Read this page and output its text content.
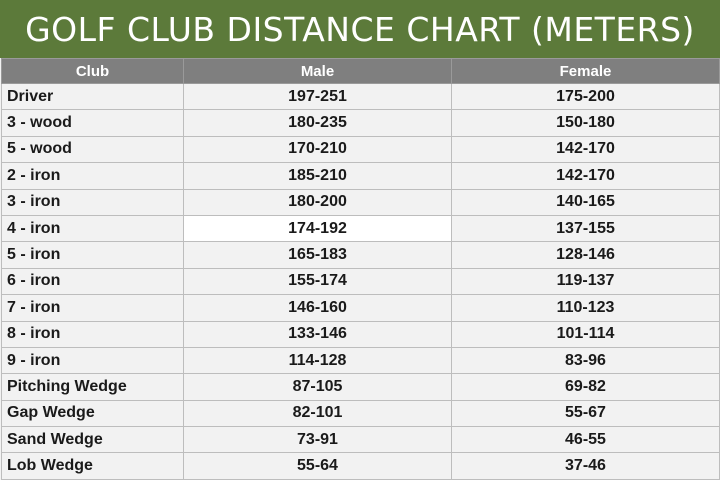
GOLF CLUB DISTANCE CHART (METERS)
Club	Male	Female
Driver	197-251	175-200
3 - wood	180-235	150-180
5 - wood	170-210	142-170
2 - iron	185-210	142-170
3 - iron	180-200	140-165
4 - iron	174-192	137-155
5 - iron	165-183	128-146
6 - iron	155-174	119-137
7 - iron	146-160	110-123
8 - iron	133-146	101-114
9 - iron	114-128	83-96
Pitching Wedge	87-105	69-82
Gap Wedge	82-101	55-67
Sand Wedge	73-91	46-55
Lob Wedge	55-64	37-46
